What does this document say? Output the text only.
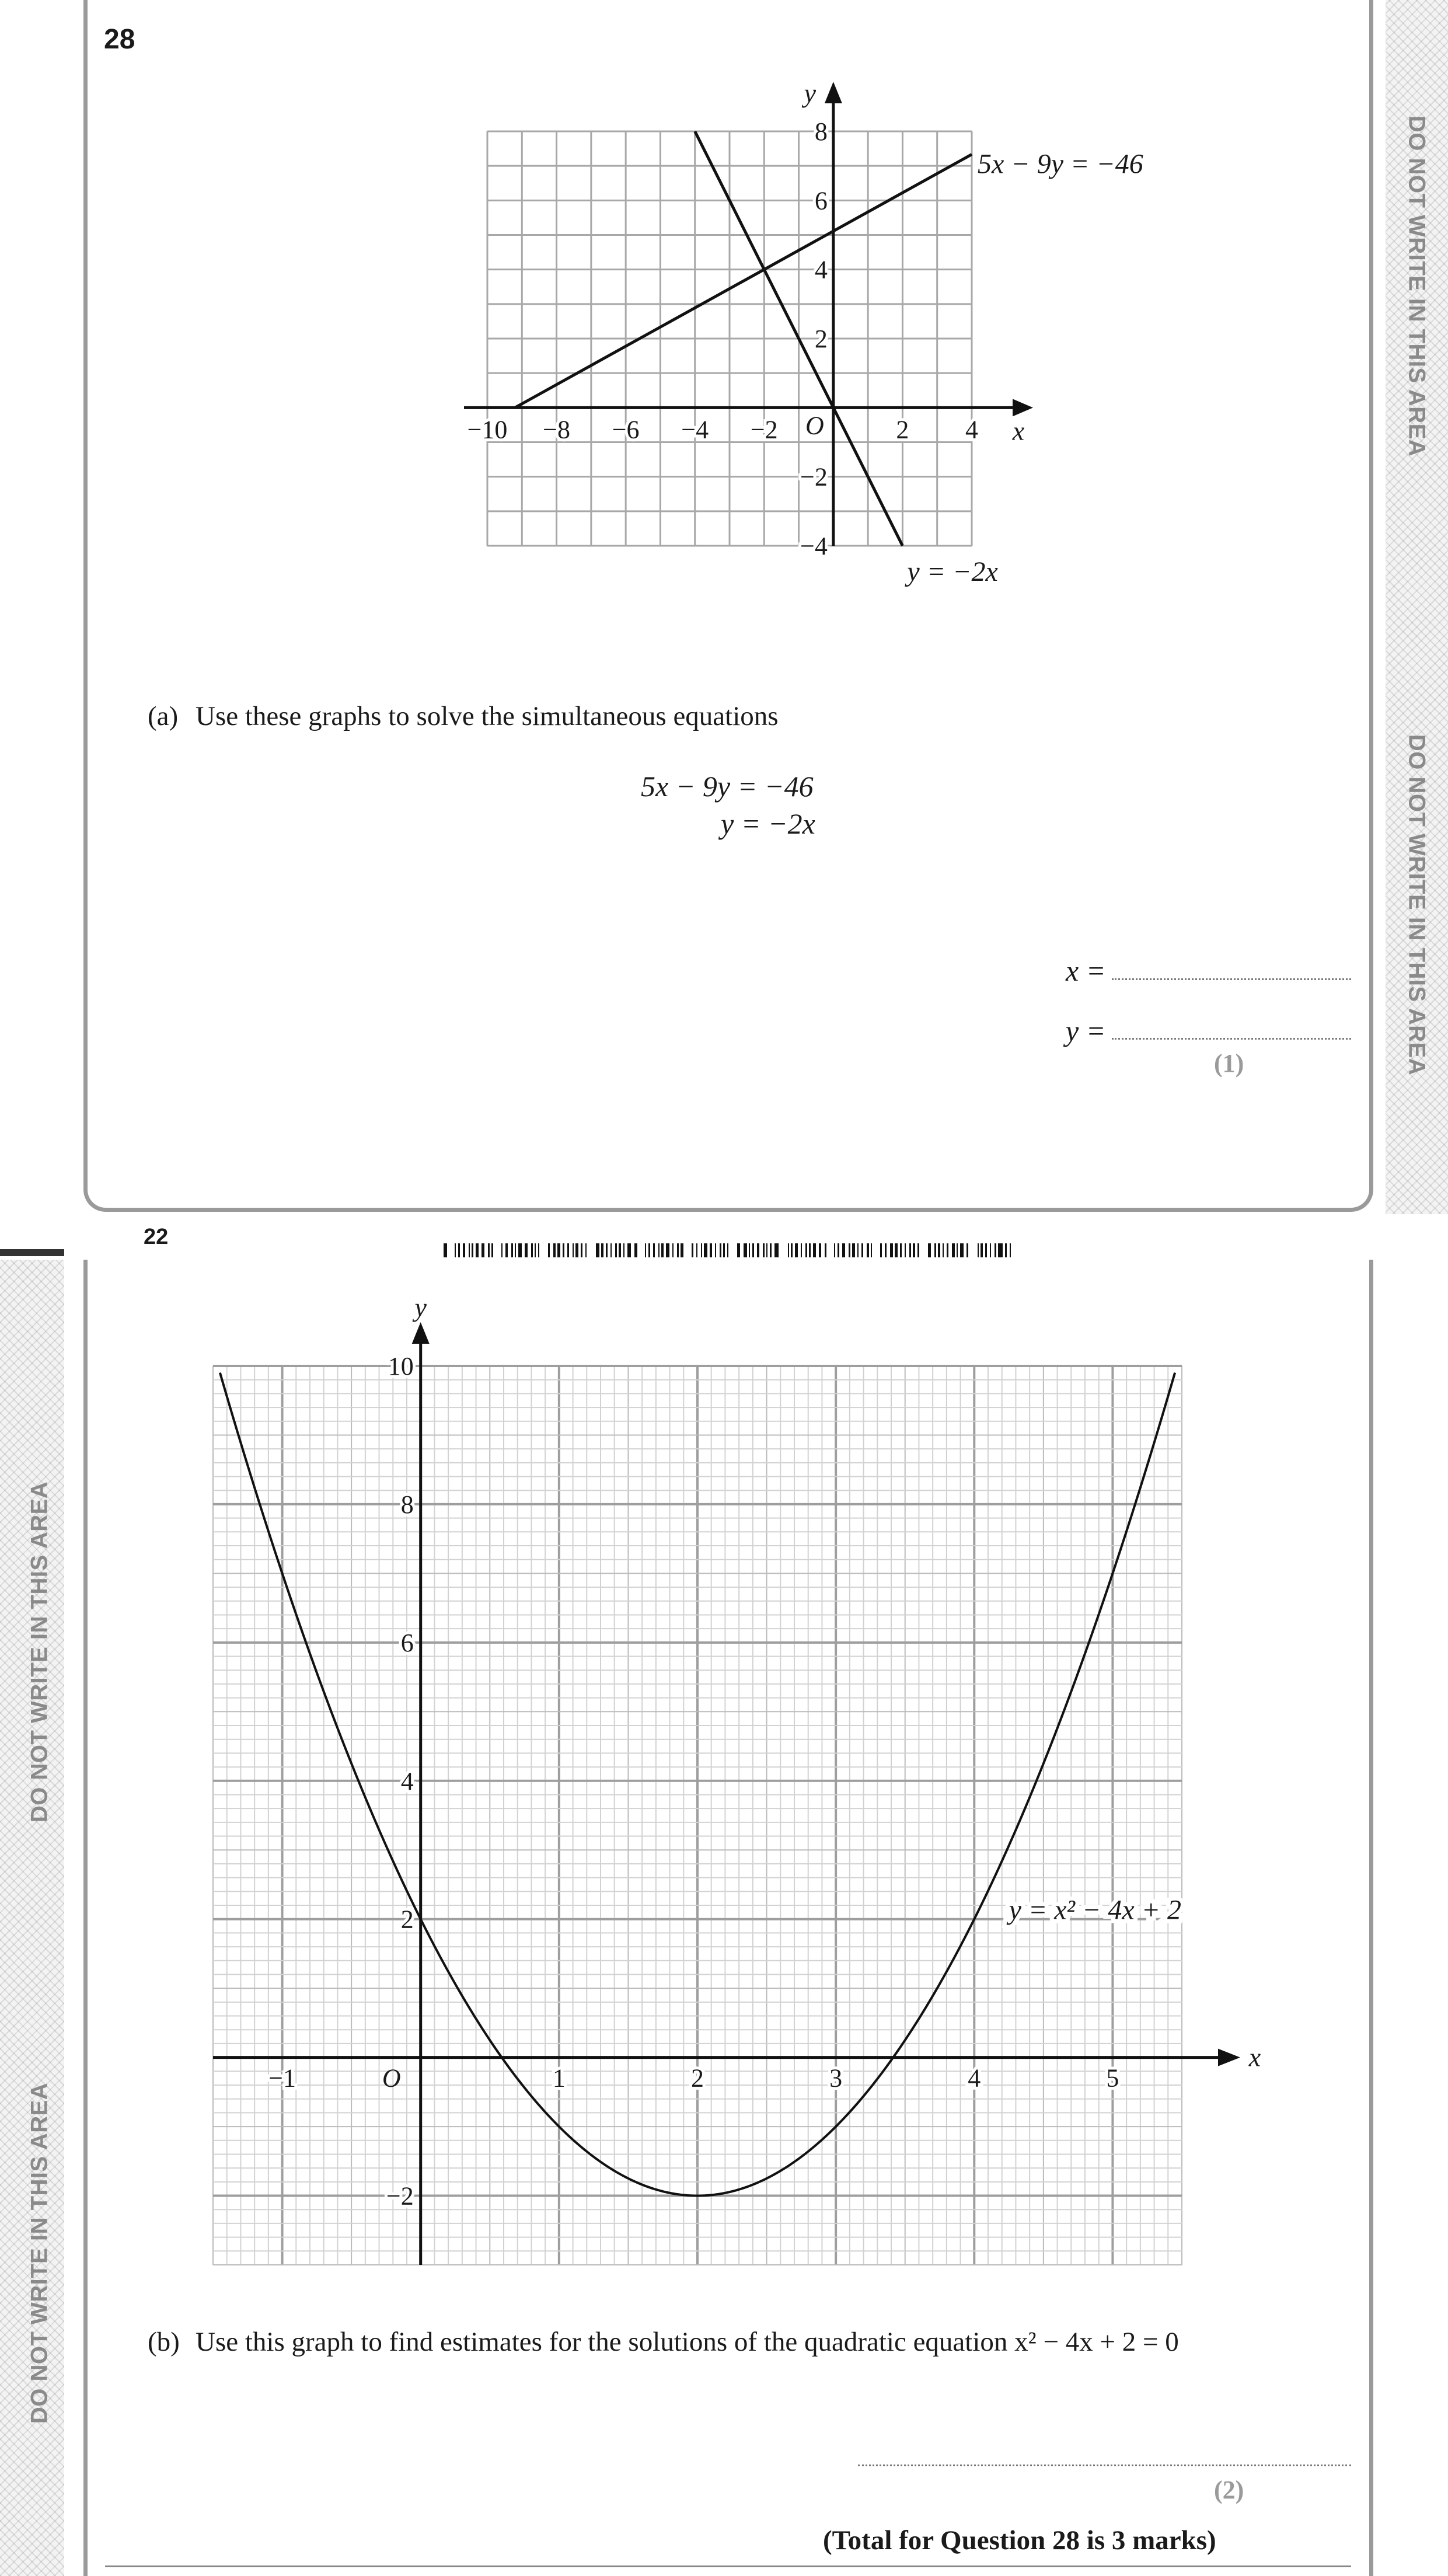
DO NOT WRITE IN THIS AREA
DO NOT WRITE IN THIS AREA
28
x
y
O
−10 −8 −6 −4 −2	2 4
8
6
4
2
−2
−4
5x − 9y = −46
y = −2x
(a) Use these graphs to solve the simultaneous equations
5x − 9y = −46
y = −2x
x =
y =
(1)
22
DO NOT WRITE IN THIS AREA
DO NOT WRITE IN THIS AREA
x
y
O
−1	1	2	3	4	5
10
8
6
4
2
−2
y = x² − 4x + 2
(b) Use this graph to find estimates for the solutions of the quadratic equation x² − 4x + 2 = 0
(2)
(Total for Question 28 is 3 marks)
